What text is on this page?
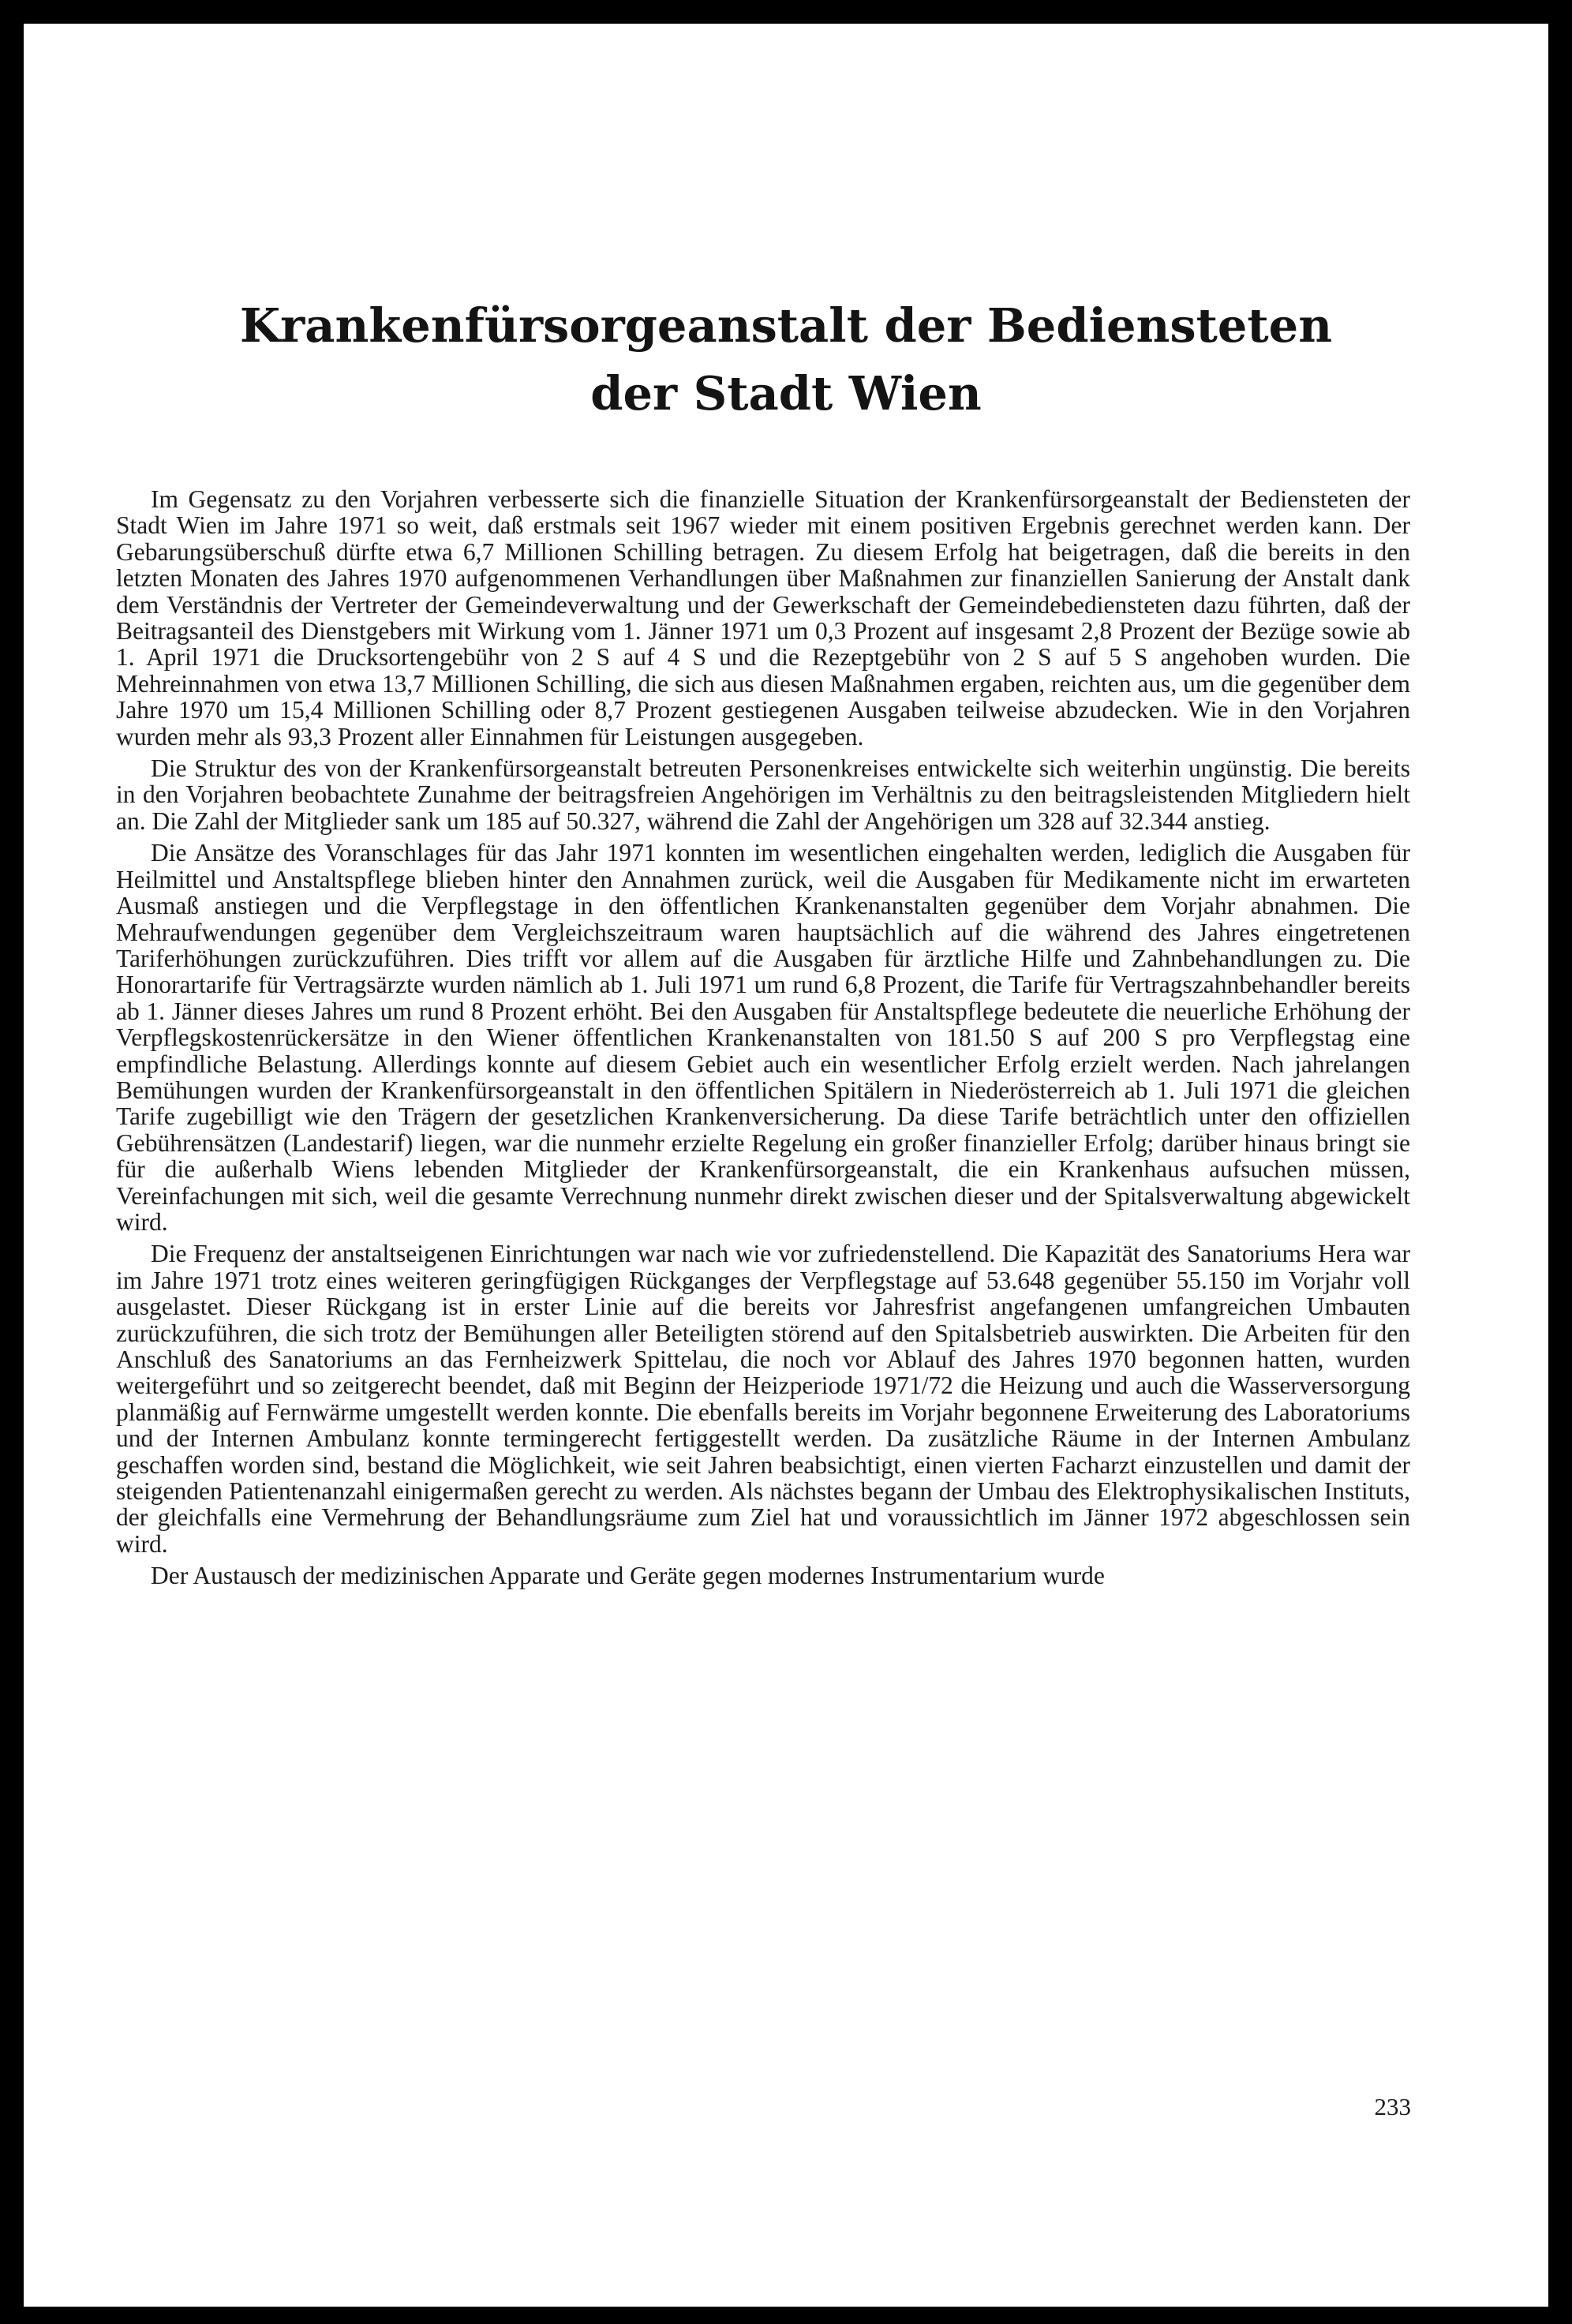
Krankenfürsorgeanstalt der Bediensteten
der Stadt Wien

Im Gegensatz zu den Vorjahren verbesserte sich die finanzielle Situation der Krankenfürsorgeanstalt der Bediensteten der Stadt Wien im Jahre 1971 so weit, daß erstmals seit 1967 wieder mit einem positiven Ergebnis gerechnet werden kann. Der Gebarungsüberschuß dürfte etwa 6,7 Millionen Schilling betragen. Zu diesem Erfolg hat beigetragen, daß die bereits in den letzten Monaten des Jahres 1970 aufgenommenen Verhandlungen über Maßnahmen zur finanziellen Sanierung der Anstalt dank dem Verständnis der Vertreter der Gemeindeverwaltung und der Gewerkschaft der Gemeindebediensteten dazu führten, daß der Beitragsanteil des Dienstgebers mit Wirkung vom 1. Jänner 1971 um 0,3 Prozent auf insgesamt 2,8 Prozent der Bezüge sowie ab 1. April 1971 die Drucksortengebühr von 2 S auf 4 S und die Rezeptgebühr von 2 S auf 5 S angehoben wurden. Die Mehreinnahmen von etwa 13,7 Millionen Schilling, die sich aus diesen Maßnahmen ergaben, reichten aus, um die gegenüber dem Jahre 1970 um 15,4 Millionen Schilling oder 8,7 Prozent gestiegenen Ausgaben teilweise abzudecken. Wie in den Vorjahren wurden mehr als 93,3 Prozent aller Einnahmen für Leistungen ausgegeben.

Die Struktur des von der Krankenfürsorgeanstalt betreuten Personenkreises entwickelte sich weiterhin ungünstig. Die bereits in den Vorjahren beobachtete Zunahme der beitragsfreien Angehörigen im Verhältnis zu den beitragsleistenden Mitgliedern hielt an. Die Zahl der Mitglieder sank um 185 auf 50.327, während die Zahl der Angehörigen um 328 auf 32.344 anstieg.

Die Ansätze des Voranschlages für das Jahr 1971 konnten im wesentlichen eingehalten werden, lediglich die Ausgaben für Heilmittel und Anstaltspflege blieben hinter den Annahmen zurück, weil die Ausgaben für Medikamente nicht im erwarteten Ausmaß anstiegen und die Verpflegstage in den öffentlichen Krankenanstalten gegenüber dem Vorjahr abnahmen. Die Mehraufwendungen gegenüber dem Vergleichszeitraum waren hauptsächlich auf die während des Jahres eingetretenen Tariferhöhungen zurückzuführen. Dies trifft vor allem auf die Ausgaben für ärztliche Hilfe und Zahnbehandlungen zu. Die Honorartarife für Vertragsärzte wurden nämlich ab 1. Juli 1971 um rund 6,8 Prozent, die Tarife für Vertragszahnbehandler bereits ab 1. Jänner dieses Jahres um rund 8 Prozent erhöht. Bei den Ausgaben für Anstaltspflege bedeutete die neuerliche Erhöhung der Verpflegskostenrückersätze in den Wiener öffentlichen Krankenanstalten von 181.50 S auf 200 S pro Verpflegstag eine empfindliche Belastung. Allerdings konnte auf diesem Gebiet auch ein wesentlicher Erfolg erzielt werden. Nach jahrelangen Bemühungen wurden der Krankenfürsorgeanstalt in den öffentlichen Spitälern in Niederösterreich ab 1. Juli 1971 die gleichen Tarife zugebilligt wie den Trägern der gesetzlichen Krankenversicherung. Da diese Tarife beträchtlich unter den offiziellen Gebührensätzen (Landestarif) liegen, war die nunmehr erzielte Regelung ein großer finanzieller Erfolg; darüber hinaus bringt sie für die außerhalb Wiens lebenden Mitglieder der Krankenfürsorgeanstalt, die ein Krankenhaus aufsuchen müssen, Vereinfachungen mit sich, weil die gesamte Verrechnung nunmehr direkt zwischen dieser und der Spitalsverwaltung abgewickelt wird.

Die Frequenz der anstaltseigenen Einrichtungen war nach wie vor zufriedenstellend. Die Kapazität des Sanatoriums Hera war im Jahre 1971 trotz eines weiteren geringfügigen Rückganges der Verpflegstage auf 53.648 gegenüber 55.150 im Vorjahr voll ausgelastet. Dieser Rückgang ist in erster Linie auf die bereits vor Jahresfrist angefangenen umfangreichen Umbauten zurückzuführen, die sich trotz der Bemühungen aller Beteiligten störend auf den Spitalsbetrieb auswirkten. Die Arbeiten für den Anschluß des Sanatoriums an das Fernheizwerk Spittelau, die noch vor Ablauf des Jahres 1970 begonnen hatten, wurden weitergeführt und so zeitgerecht beendet, daß mit Beginn der Heizperiode 1971/72 die Heizung und auch die Wasserversorgung planmäßig auf Fernwärme umgestellt werden konnte. Die ebenfalls bereits im Vorjahr begonnene Erweiterung des Laboratoriums und der Internen Ambulanz konnte termingerecht fertiggestellt werden. Da zusätzliche Räume in der Internen Ambulanz geschaffen worden sind, bestand die Möglichkeit, wie seit Jahren beabsichtigt, einen vierten Facharzt einzustellen und damit der steigenden Patientenanzahl einigermaßen gerecht zu werden. Als nächstes begann der Umbau des Elektrophysikalischen Instituts, der gleichfalls eine Vermehrung der Behandlungsräume zum Ziel hat und voraussichtlich im Jänner 1972 abgeschlossen sein wird.

Der Austausch der medizinischen Apparate und Geräte gegen modernes Instrumentarium wurde

233
